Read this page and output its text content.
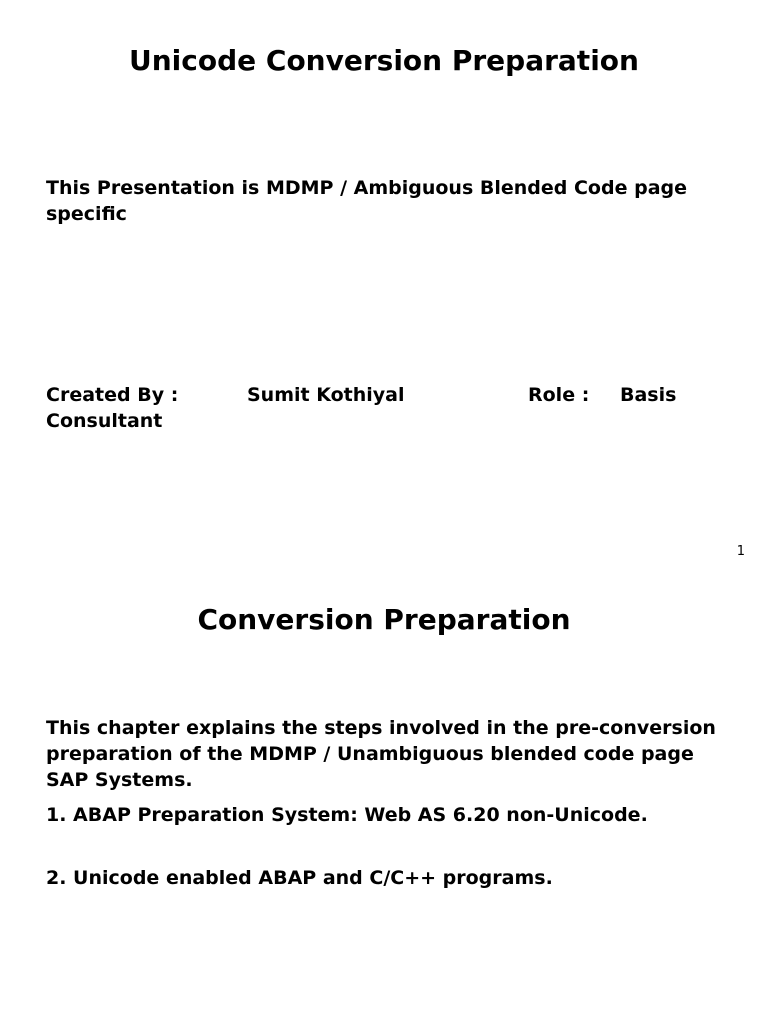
Unicode Conversion Preparation

This Presentation is MDMP / Ambiguous Blended Code page specific

Created By :	Sumit Kothiyal	Role : Basis
Consultant
1
Conversion Preparation

This chapter explains the steps involved in the pre-conversion preparation of the MDMP / Unambiguous blended code page SAP Systems.

1. ABAP Preparation System: Web AS 6.20 non-Unicode.

2. Unicode enabled ABAP and C/C++ programs.
